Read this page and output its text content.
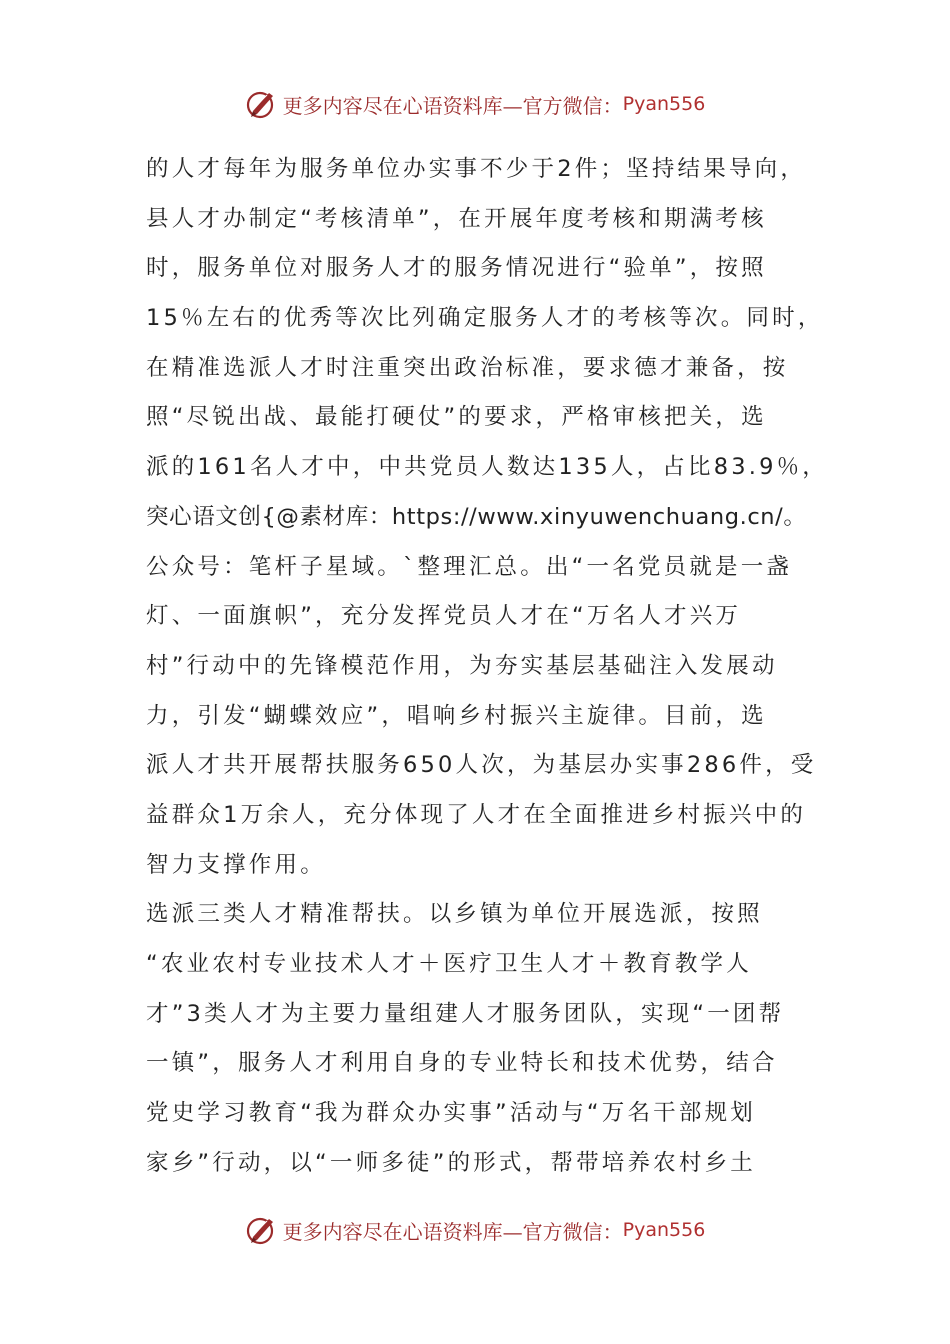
更多内容尽在心语资料库—官方微信： Pyan556
的人才每年为服务单位办实事不少于2件；坚持结果导向，
县人才办制定“考核清单”，在开展年度考核和期满考核
时，服务单位对服务人才的服务情况进行“验单”，按照
15％左右的优秀等次比列确定服务人才的考核等次。同时，
在精准选派人才时注重突出政治标准，要求德才兼备，按
照“尽锐出战、最能打硬仗”的要求，严格审核把关，选
派的161名人才中，中共党员人数达135人，占比83.9％，
突心语文创{@素材库：https://www.xinyuwenchuang.cn/。
公众号：笔杆子星域。`整理汇总。出“一名党员就是一盏
灯、一面旗帜”，充分发挥党员人才在“万名人才兴万
村”行动中的先锋模范作用，为夯实基层基础注入发展动
力，引发“蝴蝶效应”，唱响乡村振兴主旋律。目前，选
派人才共开展帮扶服务650人次，为基层办实事286件，受
益群众1万余人，充分体现了人才在全面推进乡村振兴中的
智力支撑作用。
选派三类人才精准帮扶。以乡镇为单位开展选派，按照
“农业农村专业技术人才＋医疗卫生人才＋教育教学人
才”3类人才为主要力量组建人才服务团队，实现“一团帮
一镇”，服务人才利用自身的专业特长和技术优势，结合
党史学习教育“我为群众办实事”活动与“万名干部规划
家乡”行动，以“一师多徒”的形式，帮带培养农村乡土
更多内容尽在心语资料库—官方微信： Pyan556
